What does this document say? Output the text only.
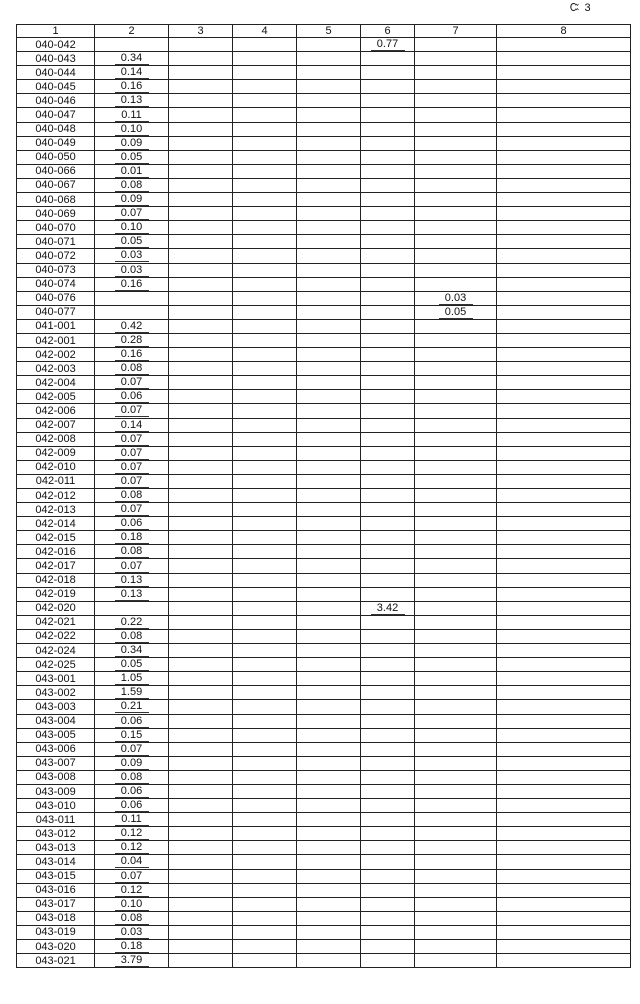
Ꮸ 3
1	2	3	4	5	6	7	8
040-042					0.77		
040-043	0.34						
040-044	0.14						
040-045	0.16						
040-046	0.13						
040-047	0.11						
040-048	0.10						
040-049	0.09						
040-050	0.05						
040-066	0.01						
040-067	0.08						
040-068	0.09						
040-069	0.07						
040-070	0.10						
040-071	0.05						
040-072	0.03						
040-073	0.03						
040-074	0.16						
040-076						0.03	
040-077						0.05	
041-001	0.42						
042-001	0.28						
042-002	0.16						
042-003	0.08						
042-004	0.07						
042-005	0.06						
042-006	0.07						
042-007	0.14						
042-008	0.07						
042-009	0.07						
042-010	0.07						
042-011	0.07						
042-012	0.08						
042-013	0.07						
042-014	0.06						
042-015	0.18						
042-016	0.08						
042-017	0.07						
042-018	0.13						
042-019	0.13						
042-020					3.42		
042-021	0.22						
042-022	0.08						
042-024	0.34						
042-025	0.05						
043-001	1.05						
043-002	1.59						
043-003	0.21						
043-004	0.06						
043-005	0.15						
043-006	0.07						
043-007	0.09						
043-008	0.08						
043-009	0.06						
043-010	0.06						
043-011	0.11						
043-012	0.12						
043-013	0.12						
043-014	0.04						
043-015	0.07						
043-016	0.12						
043-017	0.10						
043-018	0.08						
043-019	0.03						
043-020	0.18						
043-021	3.79						
